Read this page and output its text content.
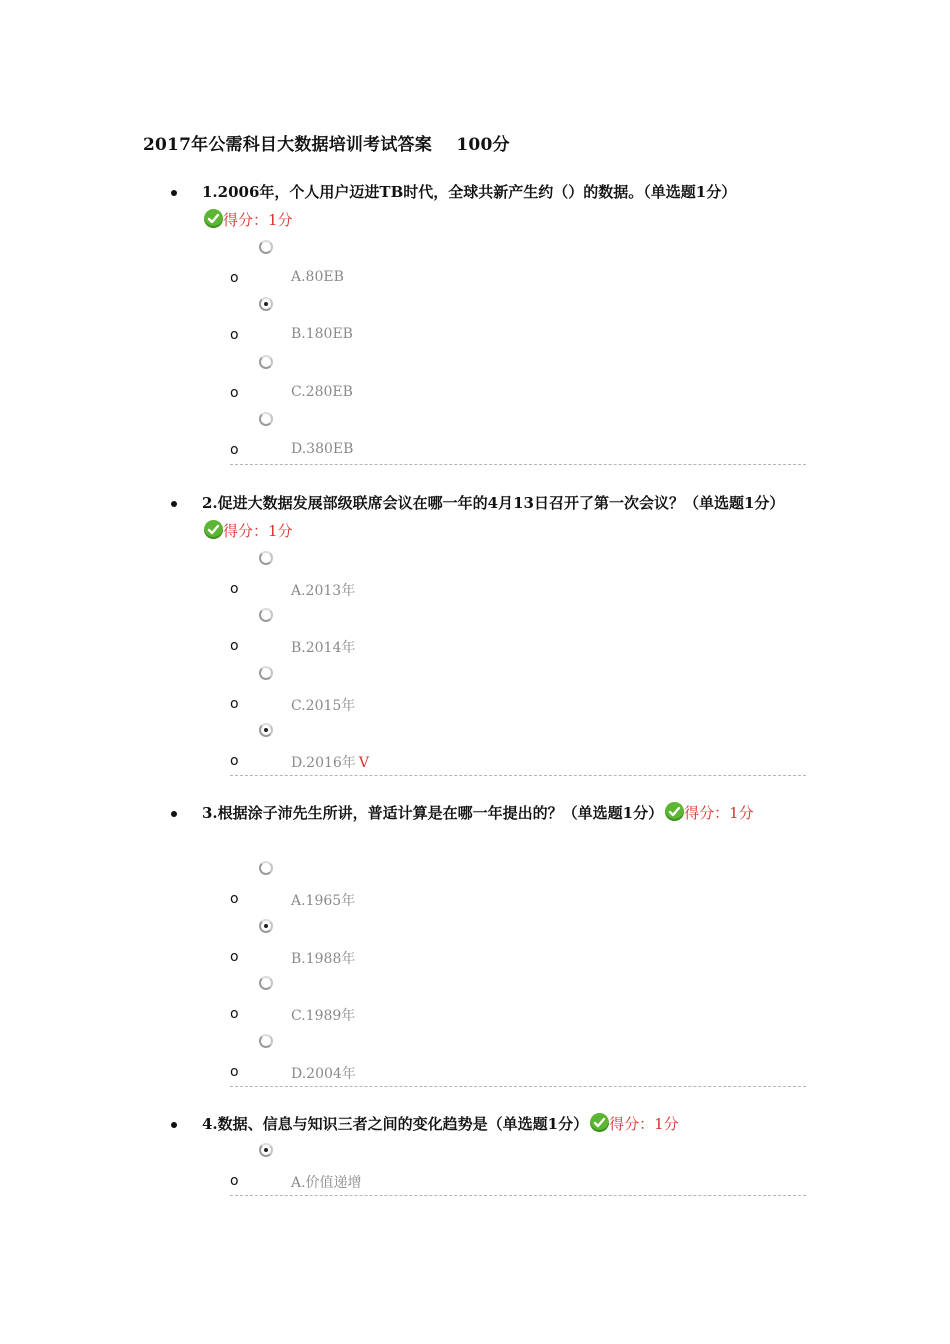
2017年公需科目大数据培训考试答案    100分
1.2006年，个人用户迈进TB时代，全球共新产生约（）的数据。（单选题1分）

得分：1分
o	A.80EB
o	B.180EB
o	C.280EB
o	D.380EB
2.促进大数据发展部级联席会议在哪一年的4月13日召开了第一次会议？（单选题1分）
得分：1分
o	A.2013年
o	B.2014年
o	C.2015年
o	D.2016年 V
3.根据涂子沛先生所讲，普适计算是在哪一年提出的？（单选题1分） 得分：1分
o	A.1965年
o	B.1988年
o	C.1989年
o	D.2004年
4.数据、信息与知识三者之间的变化趋势是（单选题1分） 得分：1分
o	A.价值递增
